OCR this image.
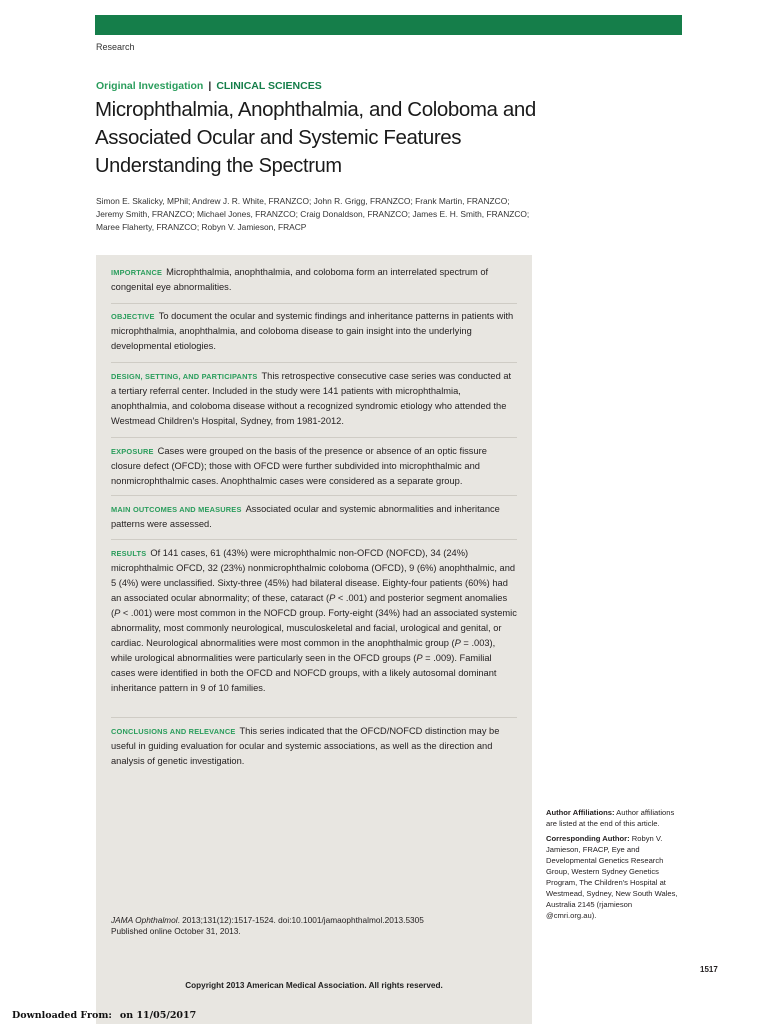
Research
Original Investigation | CLINICAL SCIENCES
Microphthalmia, Anophthalmia, and Coloboma and
Associated Ocular and Systemic Features
Understanding the Spectrum
Simon E. Skalicky, MPhil; Andrew J. R. White, FRANZCO; John R. Grigg, FRANZCO; Frank Martin, FRANZCO;
Jeremy Smith, FRANZCO; Michael Jones, FRANZCO; Craig Donaldson, FRANZCO; James E. H. Smith, FRANZCO;
Maree Flaherty, FRANZCO; Robyn V. Jamieson, FRACP
IMPORTANCE Microphthalmia, anophthalmia, and coloboma form an interrelated spectrum of congenital eye abnormalities.
OBJECTIVE To document the ocular and systemic findings and inheritance patterns in patients with microphthalmia, anophthalmia, and coloboma disease to gain insight into the underlying developmental etiologies.
DESIGN, SETTING, AND PARTICIPANTS This retrospective consecutive case series was conducted at a tertiary referral center. Included in the study were 141 patients with microphthalmia, anophthalmia, and coloboma disease without a recognized syndromic etiology who attended the Westmead Children's Hospital, Sydney, from 1981-2012.
EXPOSURE Cases were grouped on the basis of the presence or absence of an optic fissure closure defect (OFCD); those with OFCD were further subdivided into microphthalmic and nonmicrophthalmic cases. Anophthalmic cases were considered as a separate group.
MAIN OUTCOMES AND MEASURES Associated ocular and systemic abnormalities and inheritance patterns were assessed.
RESULTS Of 141 cases, 61 (43%) were microphthalmic non-OFCD (NOFCD), 34 (24%) microphthalmic OFCD, 32 (23%) nonmicrophthalmic coloboma (OFCD), 9 (6%) anophthalmic, and 5 (4%) were unclassified. Sixty-three (45%) had bilateral disease. Eighty-four patients (60%) had an associated ocular abnormality; of these, cataract (P < .001) and posterior segment anomalies (P < .001) were most common in the NOFCD group. Forty-eight (34%) had an associated systemic abnormality, most commonly neurological, musculoskeletal and facial, urological and genital, or cardiac. Neurological abnormalities were most common in the anophthalmic group (P = .003), while urological abnormalities were particularly seen in the OFCD groups (P = .009). Familial cases were identified in both the OFCD and NOFCD groups, with a likely autosomal dominant inheritance pattern in 9 of 10 families.
CONCLUSIONS AND RELEVANCE This series indicated that the OFCD/NOFCD distinction may be useful in guiding evaluation for ocular and systemic associations, as well as the direction and analysis of genetic investigation.
JAMA Ophthalmol. 2013;131(12):1517-1524. doi:10.1001/jamaophthalmol.2013.5305
Published online October 31, 2013.
Copyright 2013 American Medical Association. All rights reserved.

Author Affiliations: Author affiliations are listed at the end of this article.

Corresponding Author: Robyn V. Jamieson, FRACP, Eye and Developmental Genetics Research Group, Western Sydney Genetics Program, The Children's Hospital at Westmead, Sydney, New South Wales, Australia 2145 (rjamieson @cmri.org.au).

1517
Downloaded From: on 11/05/2017
